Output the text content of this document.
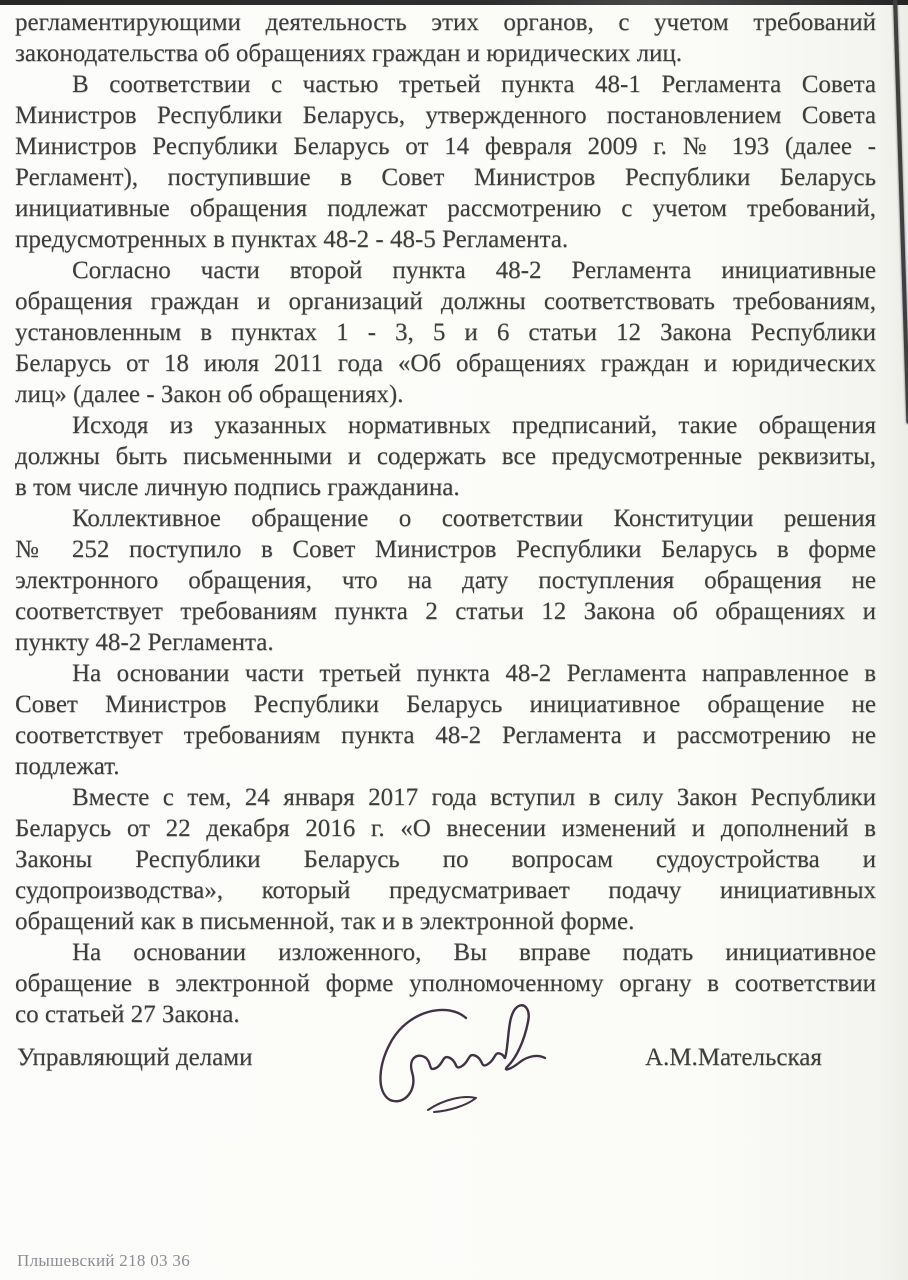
регламентирующими деятельность этих органов, с учетом требований
законодательства об обращениях граждан и юридических лиц.
В соответствии с частью третьей пункта 48-1 Регламента Совета
Министров Республики Беларусь, утвержденного постановлением Совета
Министров Республики Беларусь от 14 февраля 2009 г. № 193 (далее -
Регламент), поступившие в Совет Министров Республики Беларусь
инициативные обращения подлежат рассмотрению с учетом требований,
предусмотренных в пунктах 48-2 - 48-5 Регламента.
Согласно части второй пункта 48-2 Регламента инициативные
обращения граждан и организаций должны соответствовать требованиям,
установленным в пунктах 1 - 3, 5 и 6 статьи 12 Закона Республики
Беларусь от 18 июля 2011 года «Об обращениях граждан и юридических
лиц» (далее - Закон об обращениях).
Исходя из указанных нормативных предписаний, такие обращения
должны быть письменными и содержать все предусмотренные реквизиты,
в том числе личную подпись гражданина.
Коллективное обращение о соответствии Конституции решения
№ 252 поступило в Совет Министров Республики Беларусь в форме
электронного обращения, что на дату поступления обращения не
соответствует требованиям пункта 2 статьи 12 Закона об обращениях и
пункту 48-2 Регламента.
На основании части третьей пункта 48-2 Регламента направленное в
Совет Министров Республики Беларусь инициативное обращение не
соответствует требованиям пункта 48-2 Регламента и рассмотрению не
подлежат.
Вместе с тем, 24 января 2017 года вступил в силу Закон Республики
Беларусь от 22 декабря 2016 г. «О внесении изменений и дополнений в
Законы Республики Беларусь по вопросам судоустройства и
судопроизводства», который предусматривает подачу инициативных
обращений как в письменной, так и в электронной форме.
На основании изложенного, Вы вправе подать инициативное
обращение в электронной форме уполномоченному органу в соответствии
со статьей 27 Закона.
Управляющий делами	А.М.Мательская
Плышевский 218 03 36
